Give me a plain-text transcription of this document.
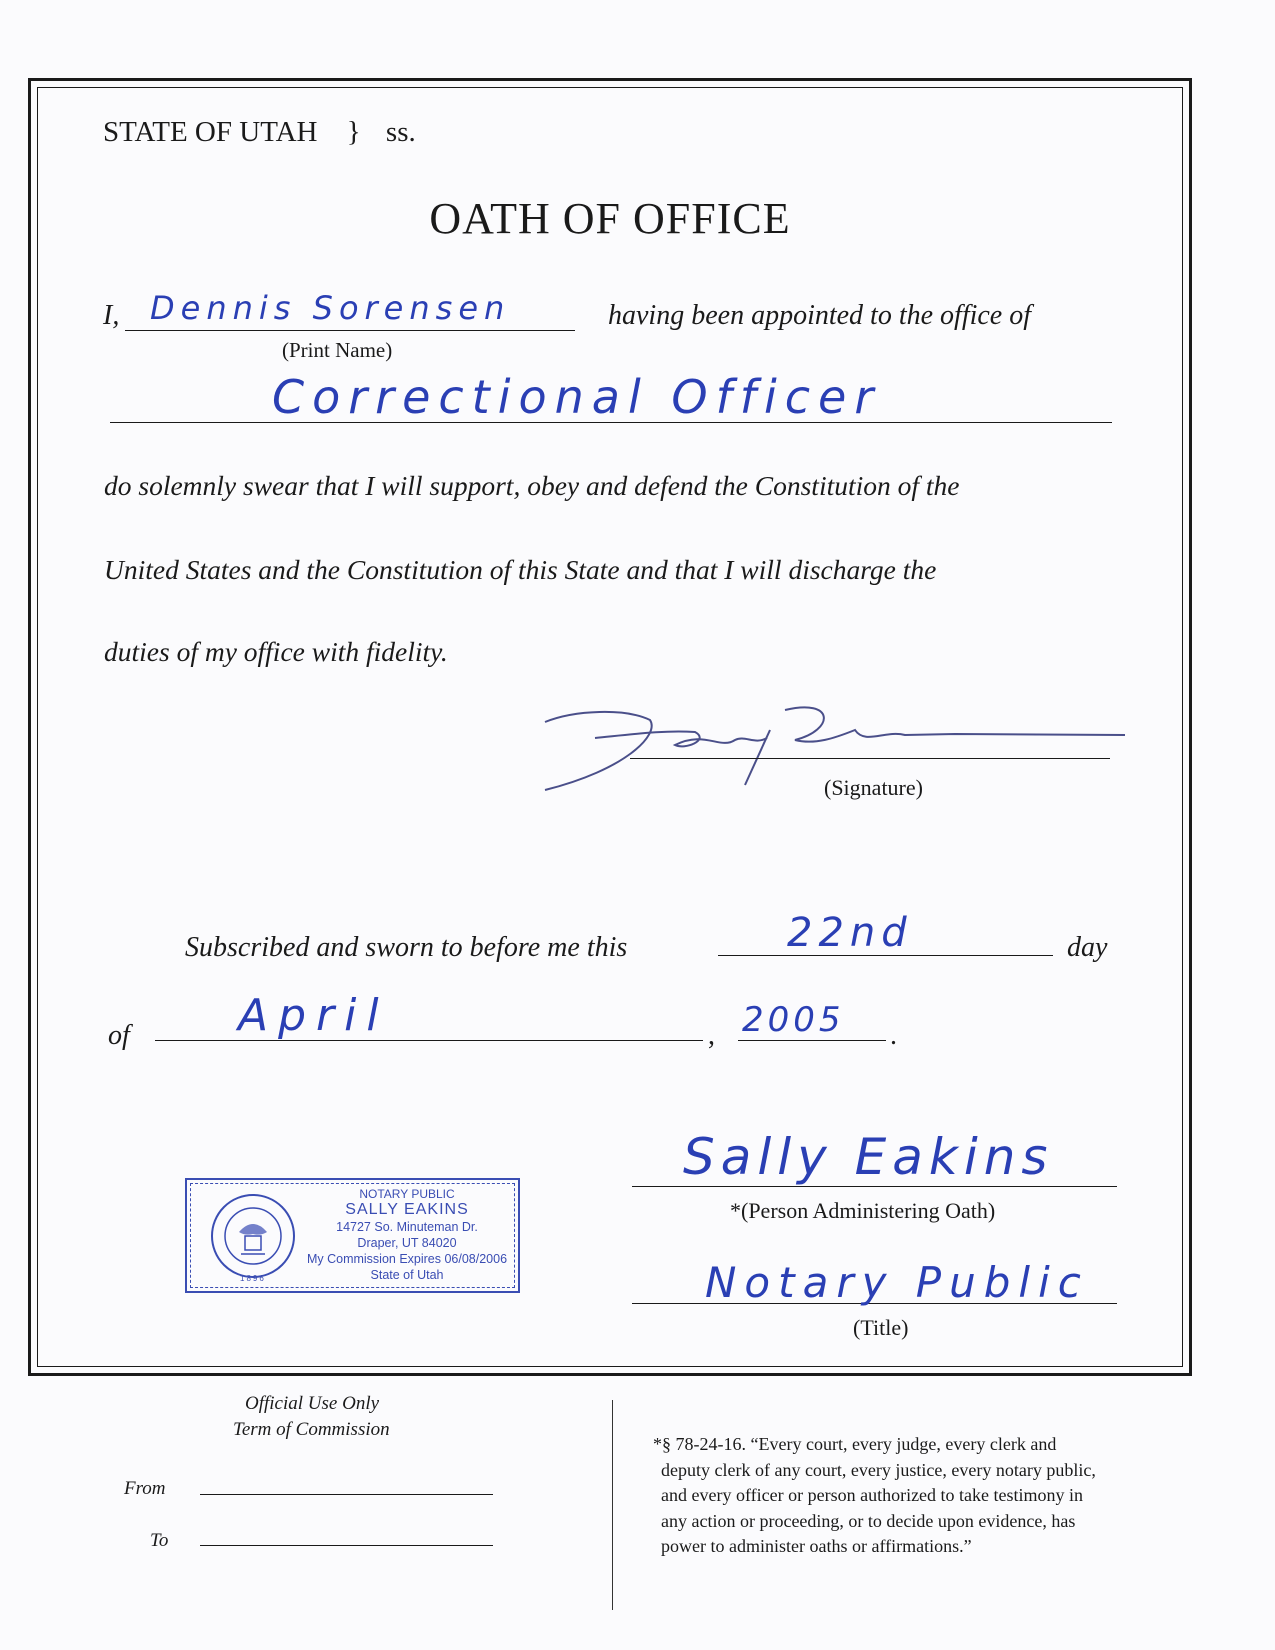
STATE OF UTAH } ss.
OATH OF OFFICE
I, Dennis Sorensen
(Print Name)
having been appointed to the office of
Correctional Officer
do solemnly swear that I will support, obey and defend the Constitution of the
United States and the Constitution of this State and that I will discharge the
duties of my office with fidelity.
(Signature)
Subscribed and sworn to before me this	22nd	day
of April	, 2005 .
1896
NOTARY PUBLIC
SALLY EAKINS
14727 So. Minuteman Dr.
Draper, UT 84020
My Commission Expires 06/08/2006
State of Utah
Sally Eakins
*(Person Administering Oath)
Notary Public
(Title)
Official Use Only
Term of Commission
From
To
*§ 78-24-16. “Every court, every judge, every clerk and
deputy clerk of any court, every justice, every notary public,
and every officer or person authorized to take testimony in
any action or proceeding, or to decide upon evidence, has
power to administer oaths or affirmations.”
